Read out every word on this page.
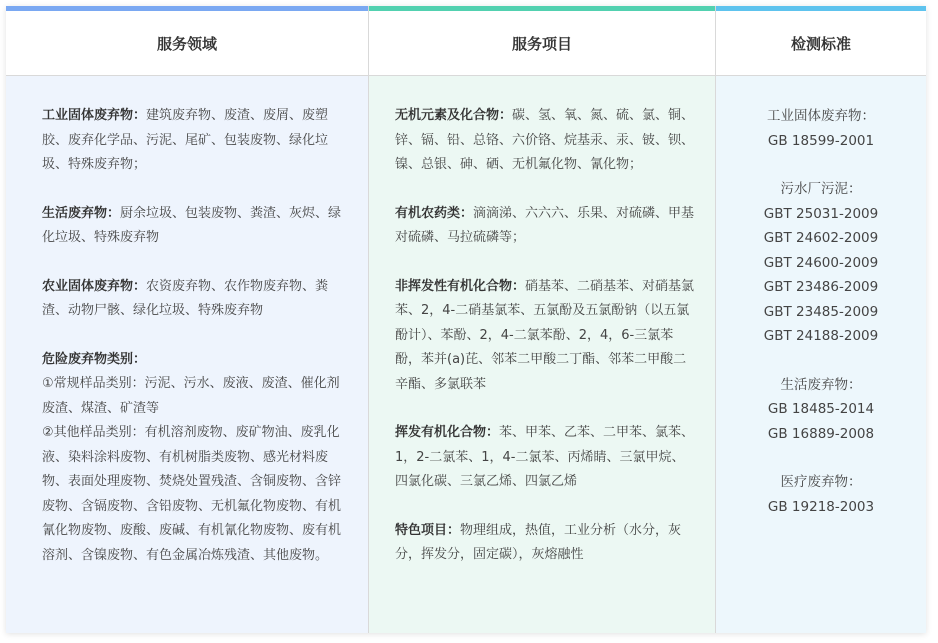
服务领域
工业固体废弃物：建筑废弃物、废渣、废屑、废塑胶、废弃化学品、污泥、尾矿、包装废物、绿化垃圾、特殊废弃物；
生活废弃物：厨余垃圾、包装废物、粪渣、灰烬、绿化垃圾、特殊废弃物
农业固体废弃物：农资废弃物、农作物废弃物、粪渣、动物尸骸、绿化垃圾、特殊废弃物
危险废弃物类别：
①常规样品类别：污泥、污水、废液、废渣、催化剂废渣、煤渣、矿渣等
②其他样品类别：有机溶剂废物、废矿物油、废乳化液、染料涂料废物、有机树脂类废物、感光材料废物、表面处理废物、焚烧处置残渣、含铜废物、含锌废物、含镉废物、含铅废物、无机氟化物废物、有机氰化物废物、废酸、废碱、有机氰化物废物、废有机溶剂、含镍废物、有色金属冶炼残渣、其他废物。
服务项目
无机元素及化合物：碳、氢、氧、氮、硫、氯、铜、锌、镉、铅、总铬、六价铬、烷基汞、汞、铍、钡、镍、总银、砷、硒、无机氟化物、氰化物；
有机农药类：滴滴涕、六六六、乐果、对硫磷、甲基对硫磷、马拉硫磷等；
非挥发性有机化合物：硝基苯、二硝基苯、对硝基氯苯、2，4-二硝基氯苯、五氯酚及五氯酚钠（以五氯酚计）、苯酚、2，4-二氯苯酚、2，4，6-三氯苯酚，苯并(a)芘、邻苯二甲酸二丁酯、邻苯二甲酸二辛酯、多氯联苯
挥发有机化合物：苯、甲苯、乙苯、二甲苯、氯苯、1，2-二氯苯、1，4-二氯苯、丙烯睛、三氯甲烷、四氯化碳、三氯乙烯、四氯乙烯
特色项目：物理组成，热值，工业分析（水分，灰分，挥发分，固定碳），灰熔融性
检测标准
工业固体废弃物：
GB 18599-2001
污水厂污泥：
GBT 25031-2009
GBT 24602-2009
GBT 24600-2009
GBT 23486-2009
GBT 23485-2009
GBT 24188-2009
生活废弃物：
GB 18485-2014
GB 16889-2008
医疗废弃物：
GB 19218-2003
